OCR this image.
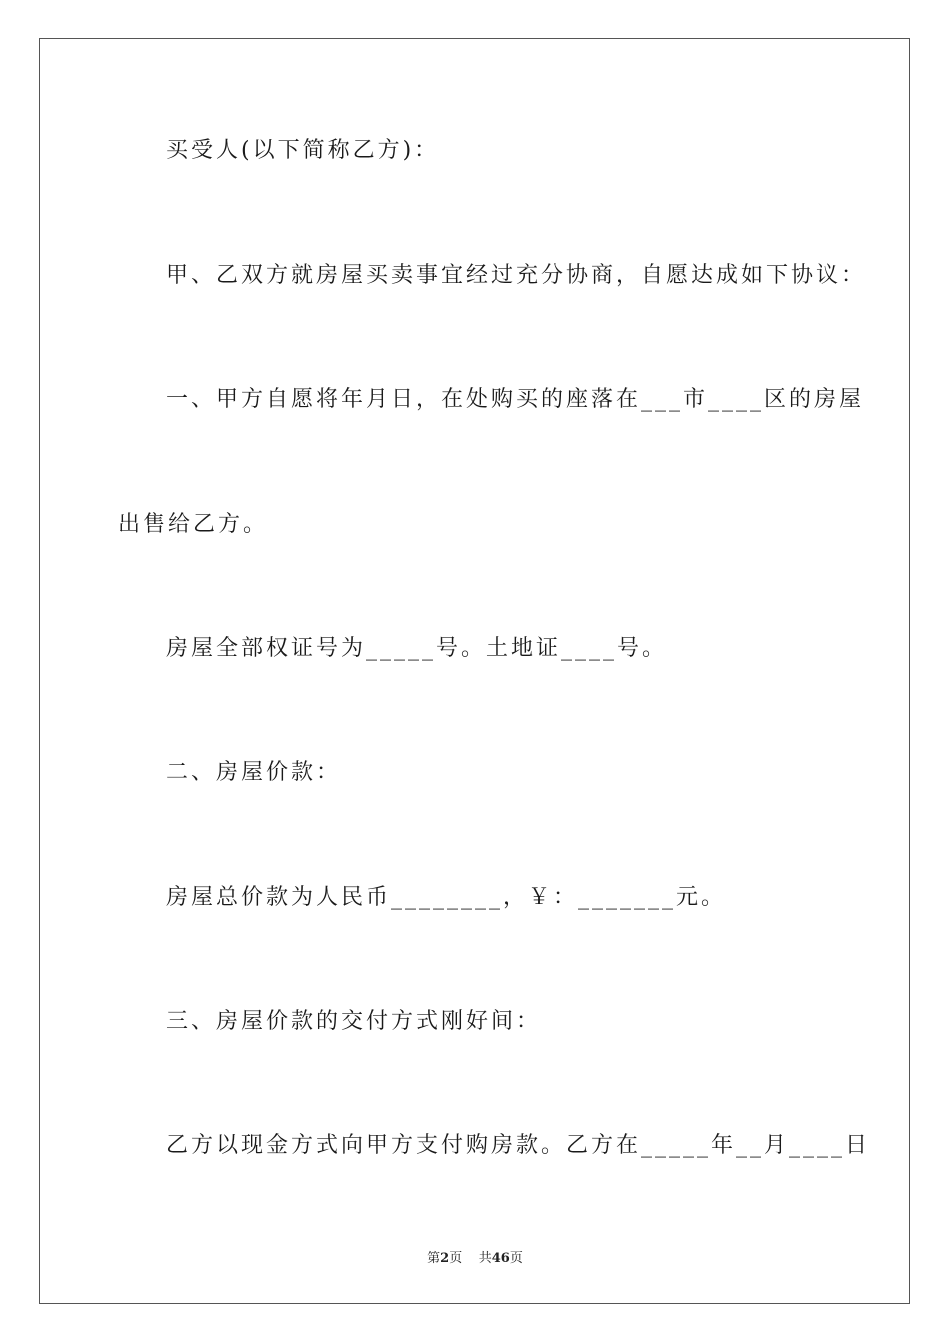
买受人(以下简称乙方)：
甲、乙双方就房屋买卖事宜经过充分协商，自愿达成如下协议：
一、甲方自愿将年月日，在处购买的座落在___市____区的房屋
出售给乙方。
房屋全部权证号为_____号。土地证____号。
二、房屋价款：
房屋总价款为人民币________，￥：_______元。
三、房屋价款的交付方式刚好间：
乙方以现金方式向甲方支付购房款。乙方在_____年__月____日
第2页 共46页
